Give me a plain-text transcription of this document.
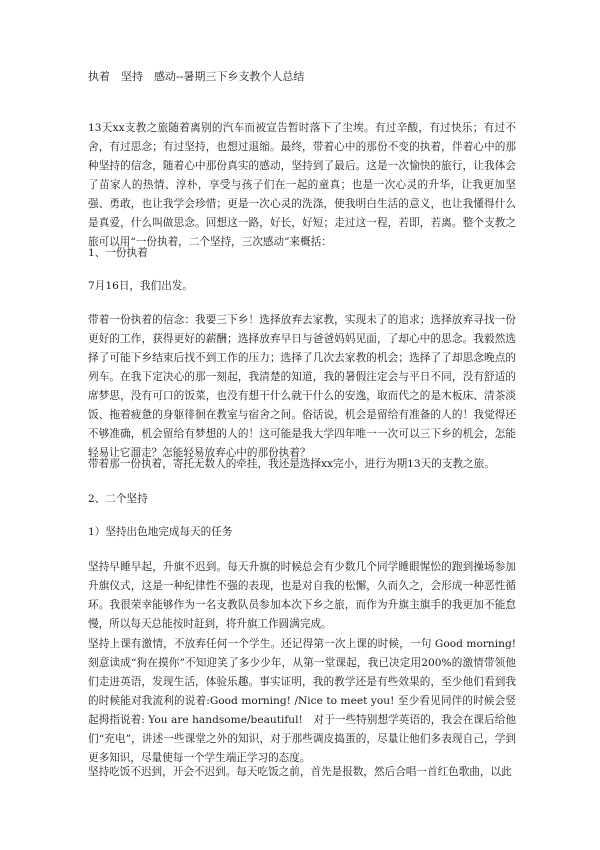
执着　坚持　感动--暑期三下乡支教个人总结

13天xx支教之旅随着离别的汽车而被宣告暂时落下了尘埃。有过辛酸，有过快乐；有过不舍，有过思念；有过坚持，也想过退缩。最终，带着心中的那份不变的执着，伴着心中的那种坚持的信念，随着心中那份真实的感动，坚持到了最后。这是一次愉快的旅行，让我体会了苗家人的热情、淳朴，享受与孩子们在一起的童真；也是一次心灵的升华，让我更加坚强、勇敢，也让我学会珍惜；更是一次心灵的洗涤，使我明白生活的意义，也让我懂得什么是真爱，什么叫做思念。回想这一路，好长，好短；走过这一程，若即，若离。整个支教之旅可以用“一份执着，二个坚持，三次感动”来概括：

1、一份执着

7月16日，我们出发。

带着一份执着的信念：我要三下乡！选择放弃去家教，实现未了的追求；选择放弃寻找一份更好的工作，获得更好的薪酬；选择放弃早日与爸爸妈妈见面，了却心中的思念。我毅然选择了可能下乡结束后找不到工作的压力；选择了几次去家教的机会；选择了了却思念晚点的列车。在我下定决心的那一刻起，我清楚的知道，我的暑假注定会与平日不同，没有舒适的席梦思，没有可口的饭菜，也没有想干什么就干什么的安逸，取而代之的是木板床、清茶淡饭、拖着疲惫的身躯徘徊在教室与宿舍之间。俗话说，机会是留给有准备的人的！我觉得还不够准确，机会留给有梦想的人的！这可能是我大学四年唯一一次可以三下乡的机会，怎能轻易让它溜走？怎能轻易放弃心中的那份执着？

带着那一份执着，寄托无数人的牵挂，我还是选择xx完小，进行为期13天的支教之旅。

2、二个坚持

1）坚持出色地完成每天的任务

坚持早睡早起，升旗不迟到。每天升旗的时候总会有少数几个同学睡眼惺忪的跑到操场参加升旗仪式，这是一种纪律性不强的表现，也是对自我的松懈，久而久之，会形成一种恶性循环。我很荣幸能够作为一名支教队员参加本次下乡之旅，而作为升旗主旗手的我更加不能怠慢，所以每天总能按时赶到，将升旗工作圆满完成。

坚持上课有激情，不放弃任何一个学生。还记得第一次上课的时候，一句 Good morning!刻意读成“狗在摸你”不知迎笑了多少少年，从第一堂课起，我已决定用200%的激情带领他们走进英语，发现生活，体验乐趣。事实证明，我的教学还是有些效果的，至少他们看到我的时候能对我流利的说着:Good morning! /Nice to meet you! 至少看见同伴的时候会竖起拇指说着: You are handsome/beautiful!　对于一些特别想学英语的，我会在课后给他们“充电”，讲述一些课堂之外的知识，对于那些调皮捣蛋的，尽量让他们多表现自己，学到更多知识，尽量使每一个学生端正学习的态度。

坚持吃饭不迟到，开会不迟到。每天吃饭之前，首先是报数，然后合唱一首红色歌曲，以此
